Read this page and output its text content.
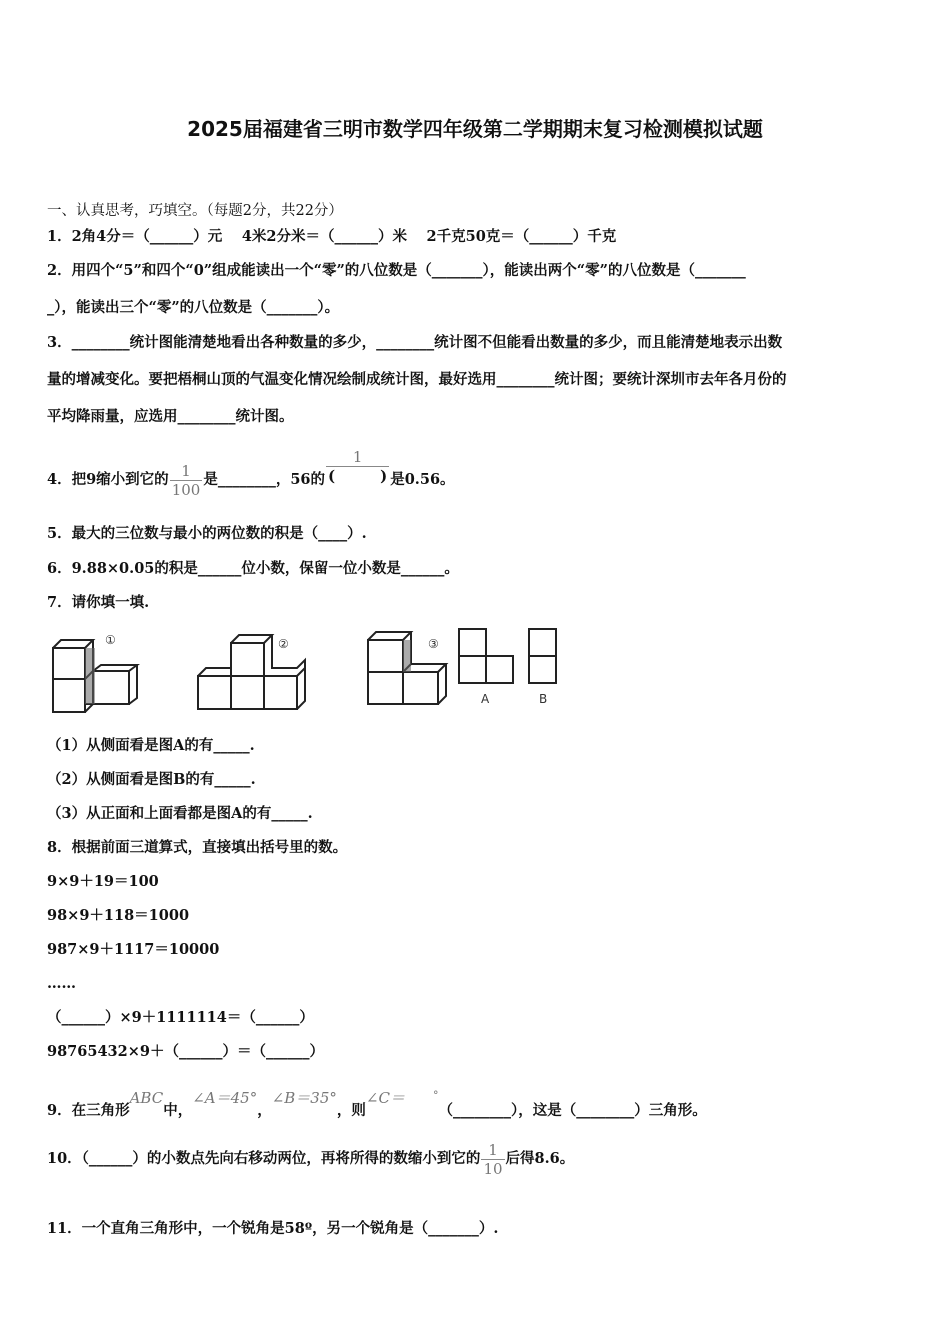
2025届福建省三明市数学四年级第二学期期末复习检测模拟试题
一、认真思考，巧填空。（每题2分，共22分）
1．2角4分＝（______）元　 4米2分米＝（______）米　 2千克50克＝（______）千克
2．用四个“5”和四个“0”组成能读出一个“零”的八位数是（_______），能读出两个“零”的八位数是（_______
_），能读出三个“零”的八位数是（_______）。
3．________统计图能清楚地看出各种数量的多少，________统计图不但能看出数量的多少，而且能清楚地表示出数
量的增减变化。要把梧桐山顶的气温变化情况绘制成统计图，最好选用________统计图；要统计深圳市去年各月份的
平均降雨量，应选用________统计图。
4．把9缩小到它的 $\frac{1}{100}$ 是________，56的 $\frac{1}{( )}$ 是0.56。
5．最大的三位数与最小的两位数的积是（____）.
6．9.88×0.05的积是______位小数，保留一位小数是______。
7．请你填一填.
①	②	③
A	B
（1）从侧面看是图A的有_____.
（2）从侧面看是图B的有_____.
（3）从正面和上面看都是图A的有_____.
8．根据前面三道算式，直接填出括号里的数。
9×9＋19＝100
98×9＋118＝1000
987×9＋1117＝10000
……
（______）×9＋1111114＝（______）
98765432×9＋（______）＝（______）
9．在三角形ABC中，∠A＝45°，∠B＝35°，则∠C＝	°（________），这是（________）三角形。
10．（______）的小数点先向右移动两位，再将所得的数缩小到它的 $\frac{1}{10}$ 后得8.6。
11．一个直角三角形中，一个锐角是58º，另一个锐角是（_______）.
